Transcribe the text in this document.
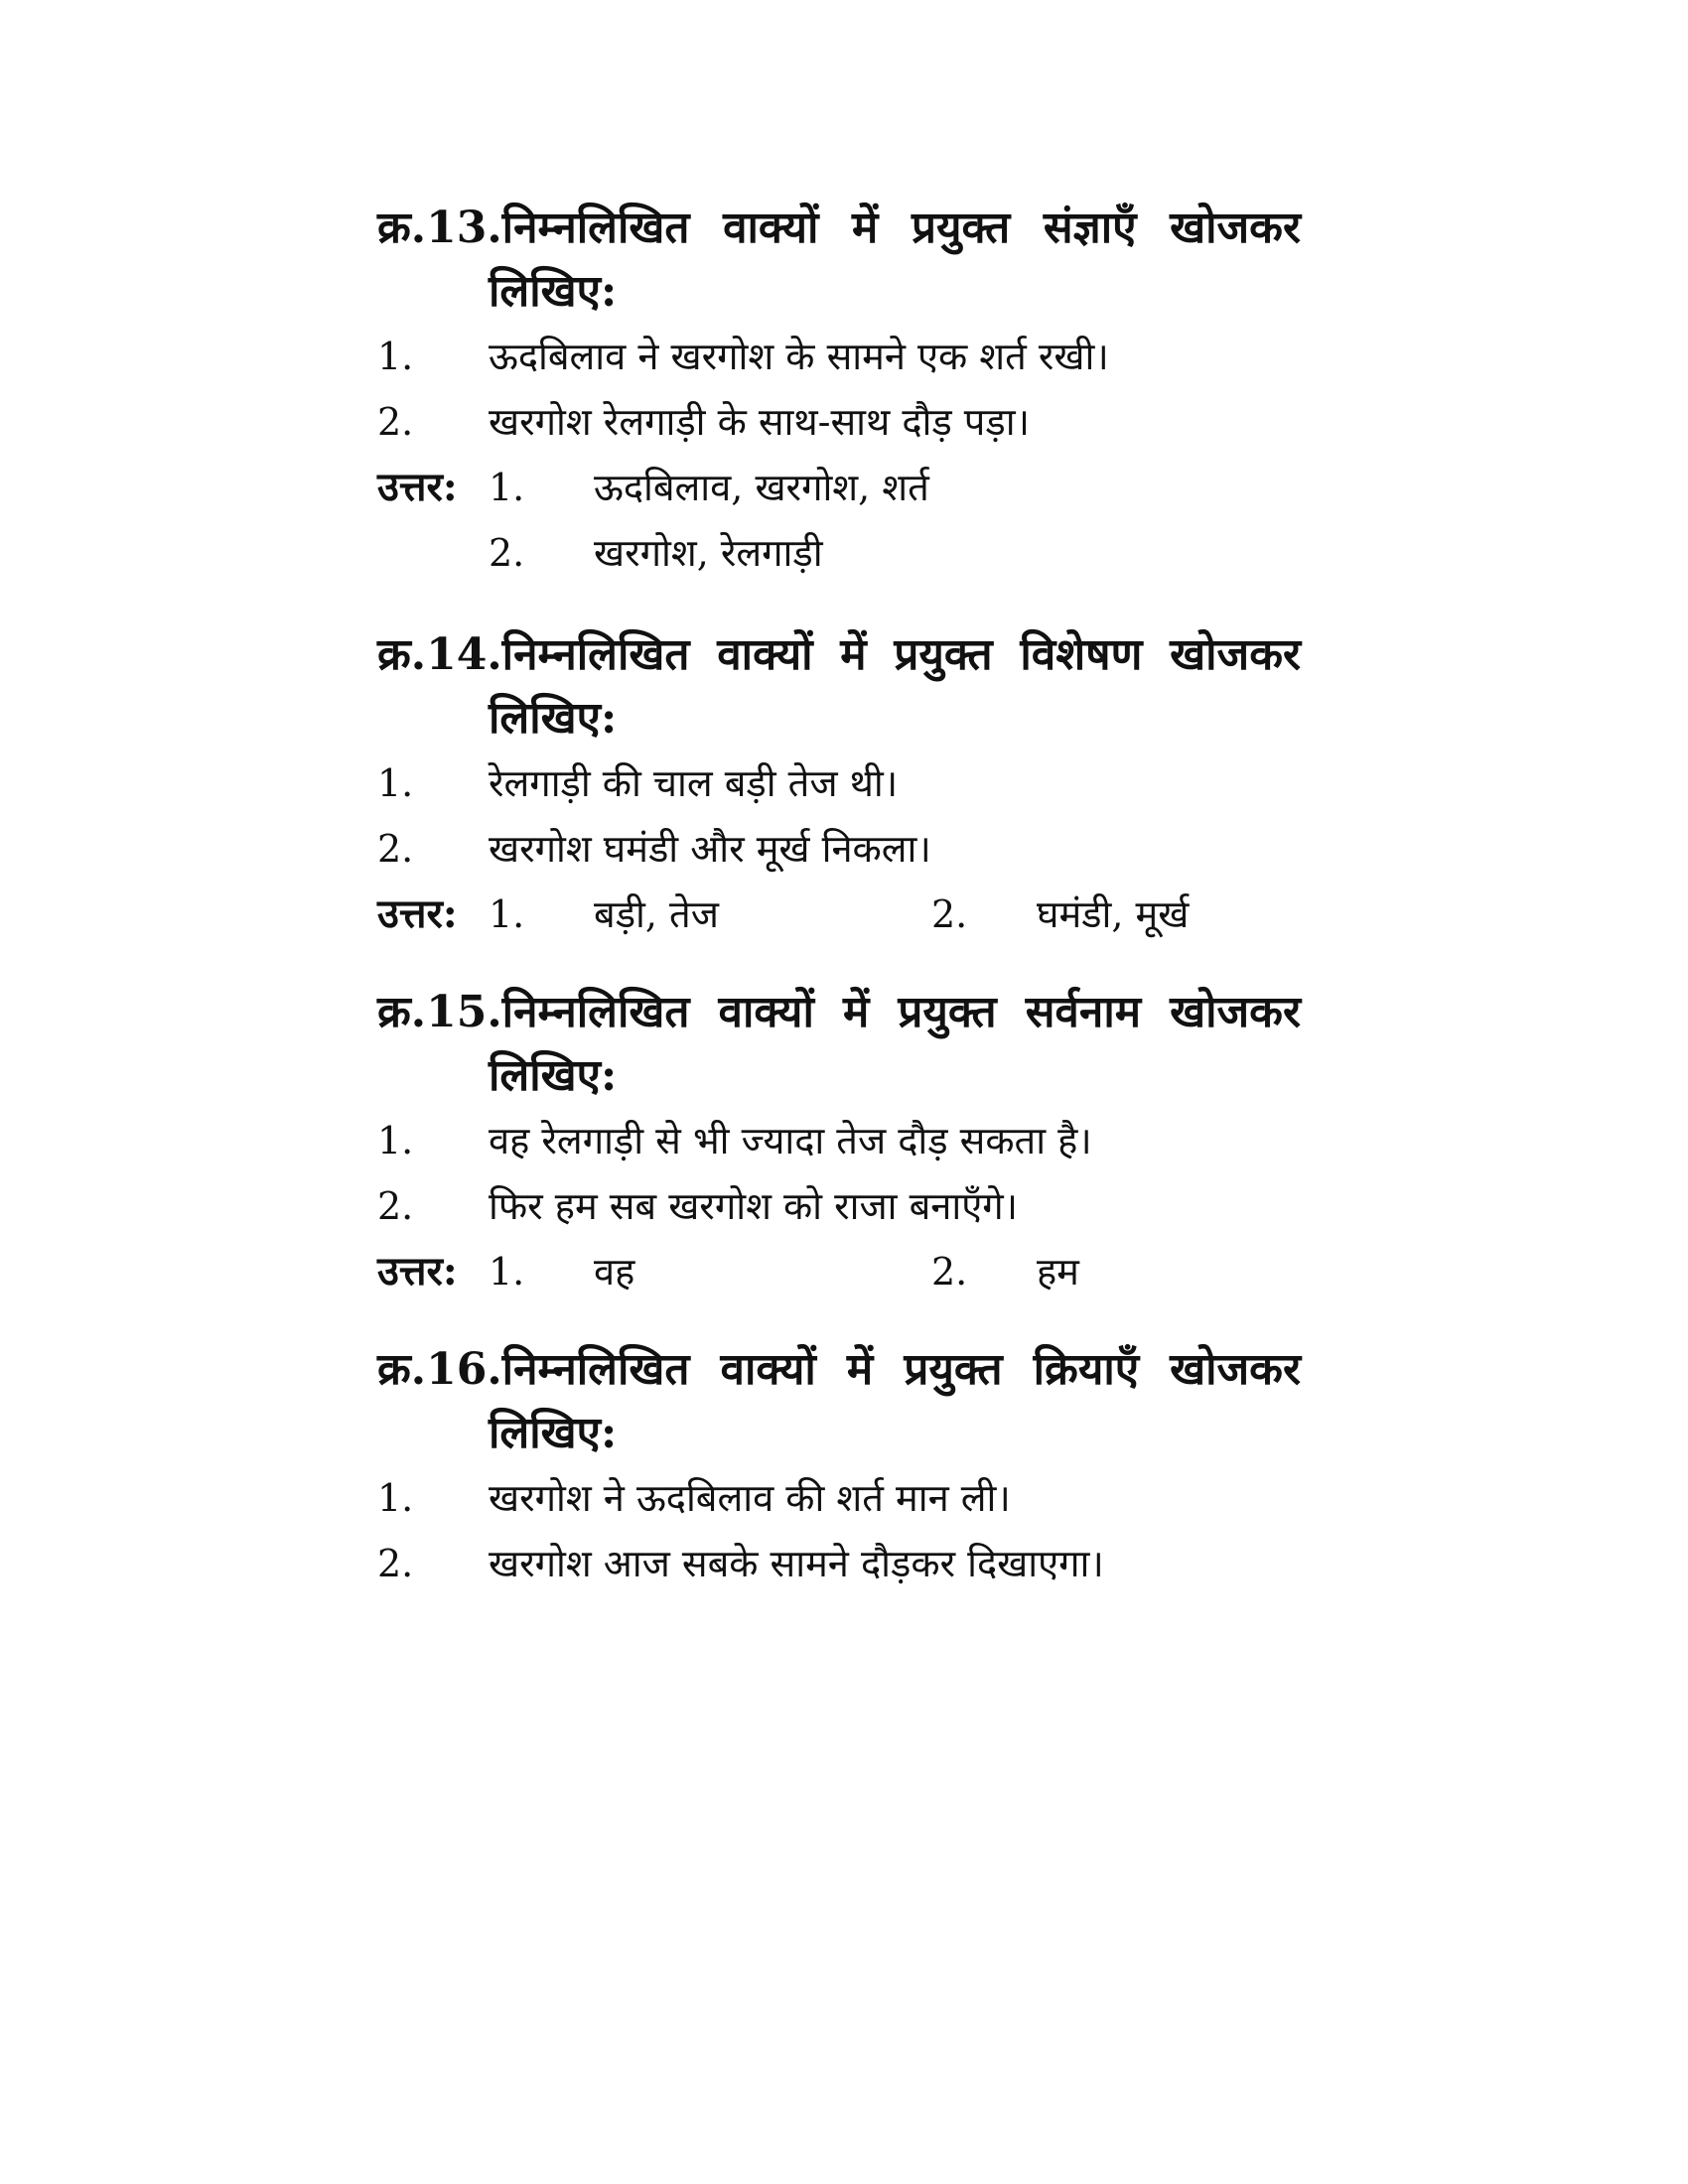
क्र.13.निम्नलिखित वाक्यों में प्रयुक्त संज्ञाएँ खोजकर
लिखिए:
1.	ऊदबिलाव ने खरगोश के सामने एक शर्त रखी।
2.	खरगोश रेलगाड़ी के साथ-साथ दौड़ पड़ा।
उत्तर: 1.	ऊदबिलाव, खरगोश, शर्त
2.	खरगोश, रेलगाड़ी
क्र.14.निम्नलिखित वाक्यों में प्रयुक्त विशेषण खोजकर
लिखिए:
1.	रेलगाड़ी की चाल बड़ी तेज थी।
2.	खरगोश घमंडी और मूर्ख निकला।
उत्तर: 1.	बड़ी, तेज	2.	घमंडी, मूर्ख
क्र.15.निम्नलिखित वाक्यों में प्रयुक्त सर्वनाम खोजकर
लिखिए:
1.	वह रेलगाड़ी से भी ज्यादा तेज दौड़ सकता है।
2.	फिर हम सब खरगोश को राजा बनाएँगे।
उत्तर: 1.	वह	2.	हम
क्र.16.निम्नलिखित वाक्यों में प्रयुक्त क्रियाएँ खोजकर
लिखिए:
1.	खरगोश ने ऊदबिलाव की शर्त मान ली।
2.	खरगोश आज सबके सामने दौड़कर दिखाएगा।
